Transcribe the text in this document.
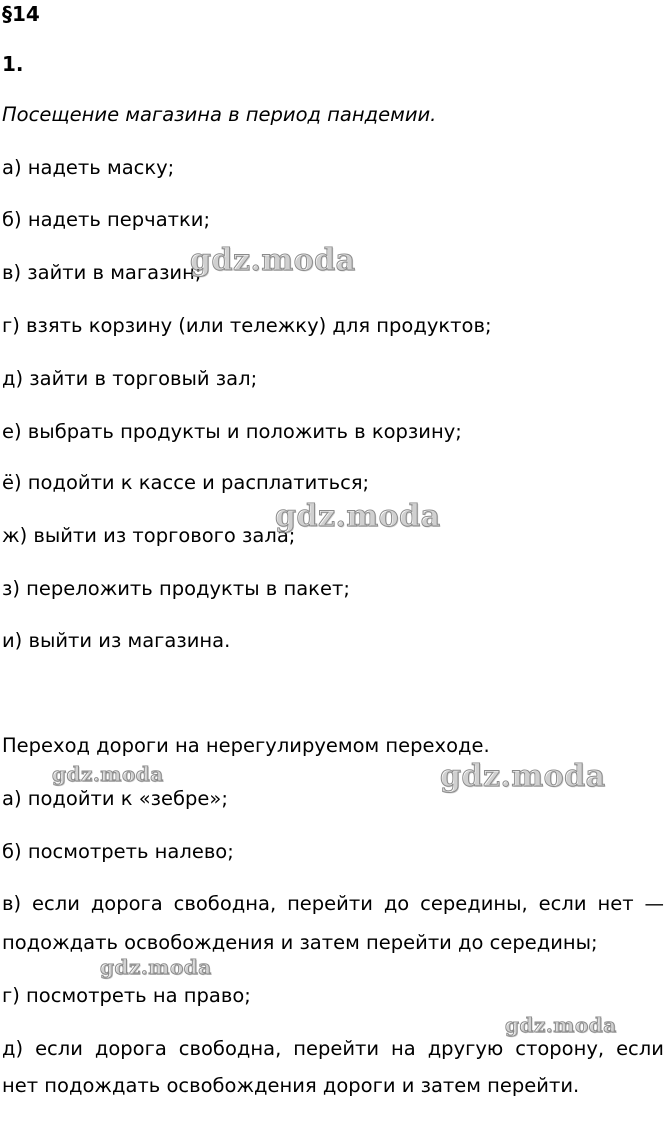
§14
1.
Посещение магазина в период пандемии.
а) надеть маску;
б) надеть перчатки;
в) зайти в магазин;
г) взять корзину (или тележку) для продуктов;
д) зайти в торговый зал;
е) выбрать продукты и положить в корзину;
ё) подойти к кассе и расплатиться;
ж) выйти из торгового зала;
з) переложить продукты в пакет;
и) выйти из магазина.
Переход дороги на нерегулируемом переходе.
а) подойти к «зебре»;
б) посмотреть налево;
в) если дорога свободна, перейти до середины, если нет —
подождать освобождения и затем перейти до середины;
г) посмотреть на право;
д) если дорога свободна, перейти на другую сторону, если
нет подождать освобождения дороги и затем перейти.
gdz.moda
gdz.moda
gdz.moda
gdz.moda
gdz.moda
gdz.moda
